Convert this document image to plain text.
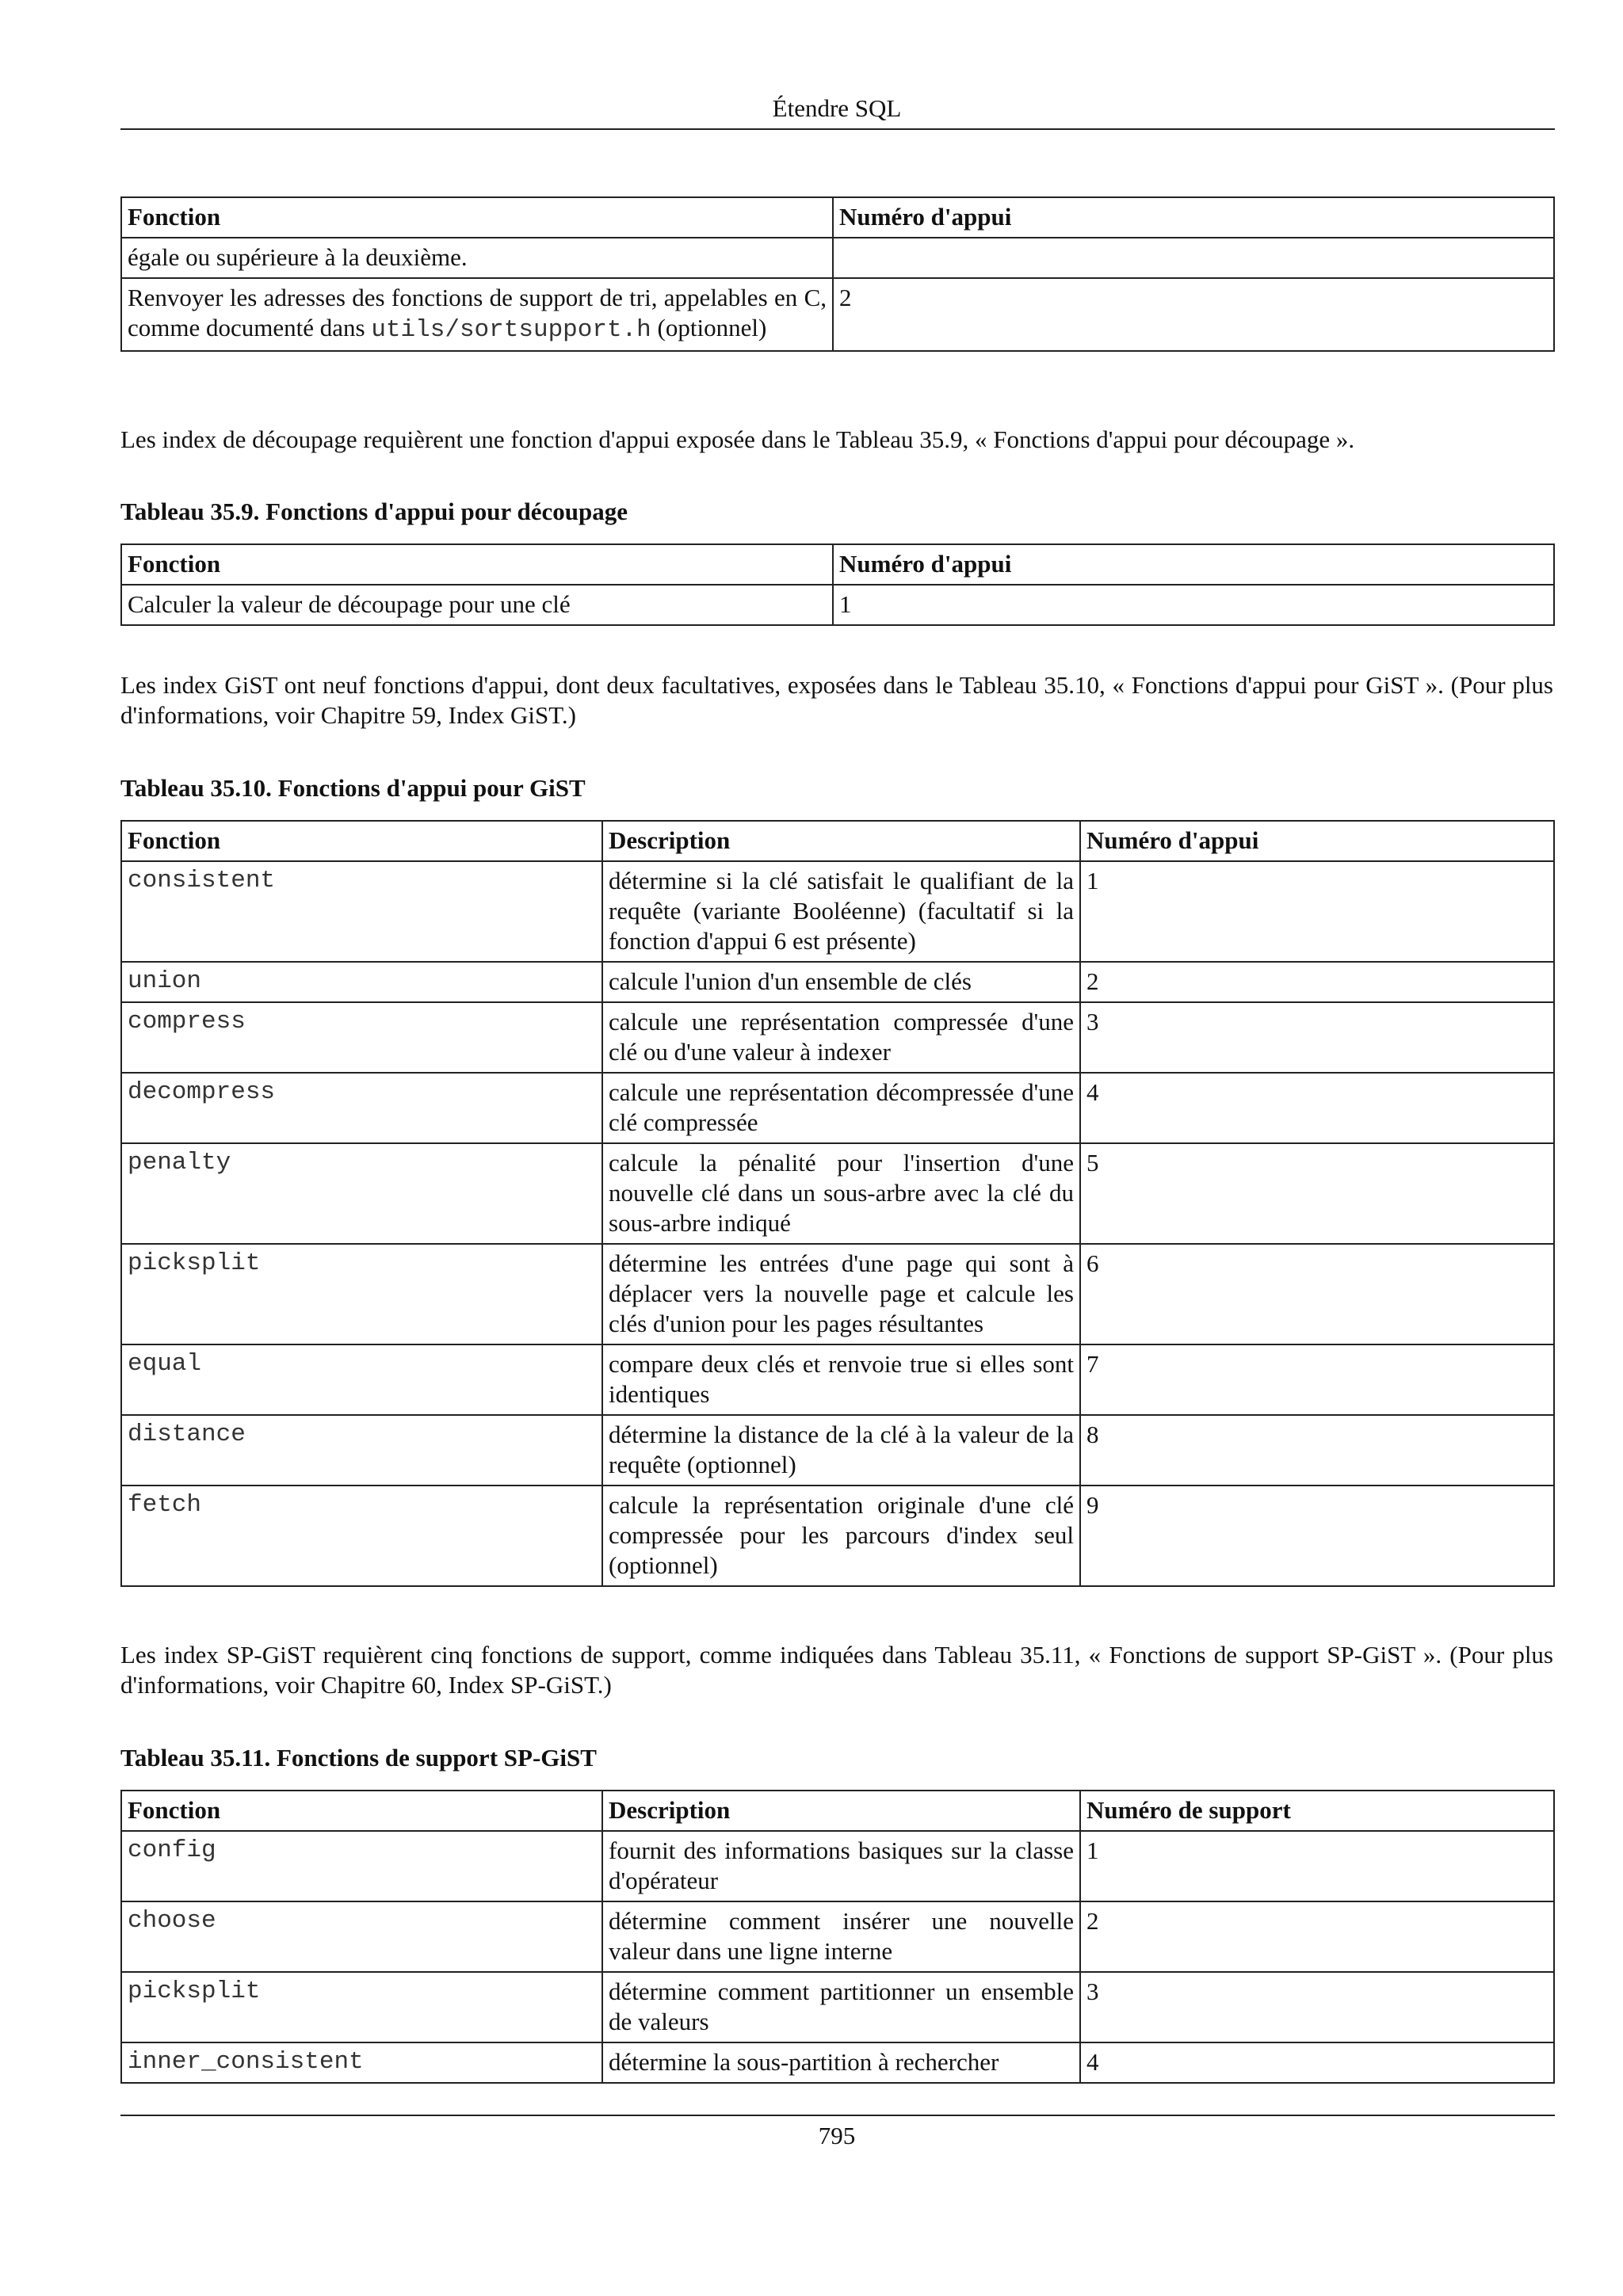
Étendre SQL
Fonction	Numéro d'appui
égale ou supérieure à la deuxième.	
Renvoyer les adresses des fonctions de support de tri, appelables en C, comme documenté dans utils/sortsupport.h (optionnel)	2
Les index de découpage requièrent une fonction d'appui exposée dans le Tableau 35.9, « Fonctions d'appui pour découpage ».
Tableau 35.9. Fonctions d'appui pour découpage
Fonction	Numéro d'appui
Calculer la valeur de découpage pour une clé	1
Les index GiST ont neuf fonctions d'appui, dont deux facultatives, exposées dans le Tableau 35.10, « Fonctions d'appui pour GiST ». (Pour plus d'informations, voir Chapitre 59, Index GiST.)
Tableau 35.10. Fonctions d'appui pour GiST
Fonction	Description	Numéro d'appui
consistent	détermine si la clé satisfait le qualifiant de la requête (variante Booléenne) (facultatif si la fonction d'appui 6 est présente)	1
union	calcule l'union d'un ensemble de clés	2
compress	calcule une représentation compressée d'une clé ou d'une valeur à indexer	3
decompress	calcule une représentation décompressée d'une clé compressée	4
penalty	calcule la pénalité pour l'insertion d'une nouvelle clé dans un sous-arbre avec la clé du sous-arbre indiqué	5
picksplit	détermine les entrées d'une page qui sont à déplacer vers la nouvelle page et calcule les clés d'union pour les pages résultantes	6
equal	compare deux clés et renvoie true si elles sont identiques	7
distance	détermine la distance de la clé à la valeur de la requête (optionnel)	8
fetch	calcule la représentation originale d'une clé compressée pour les parcours d'index seul (optionnel)	9
Les index SP-GiST requièrent cinq fonctions de support, comme indiquées dans Tableau 35.11, « Fonctions de support SP-GiST ». (Pour plus d'informations, voir Chapitre 60, Index SP-GiST.)
Tableau 35.11. Fonctions de support SP-GiST
Fonction	Description	Numéro de support
config	fournit des informations basiques sur la classe d'opérateur	1
choose	détermine comment insérer une nouvelle valeur dans une ligne interne	2
picksplit	détermine comment partitionner un ensemble de valeurs	3
inner_consistent	détermine la sous-partition à rechercher	4
795
